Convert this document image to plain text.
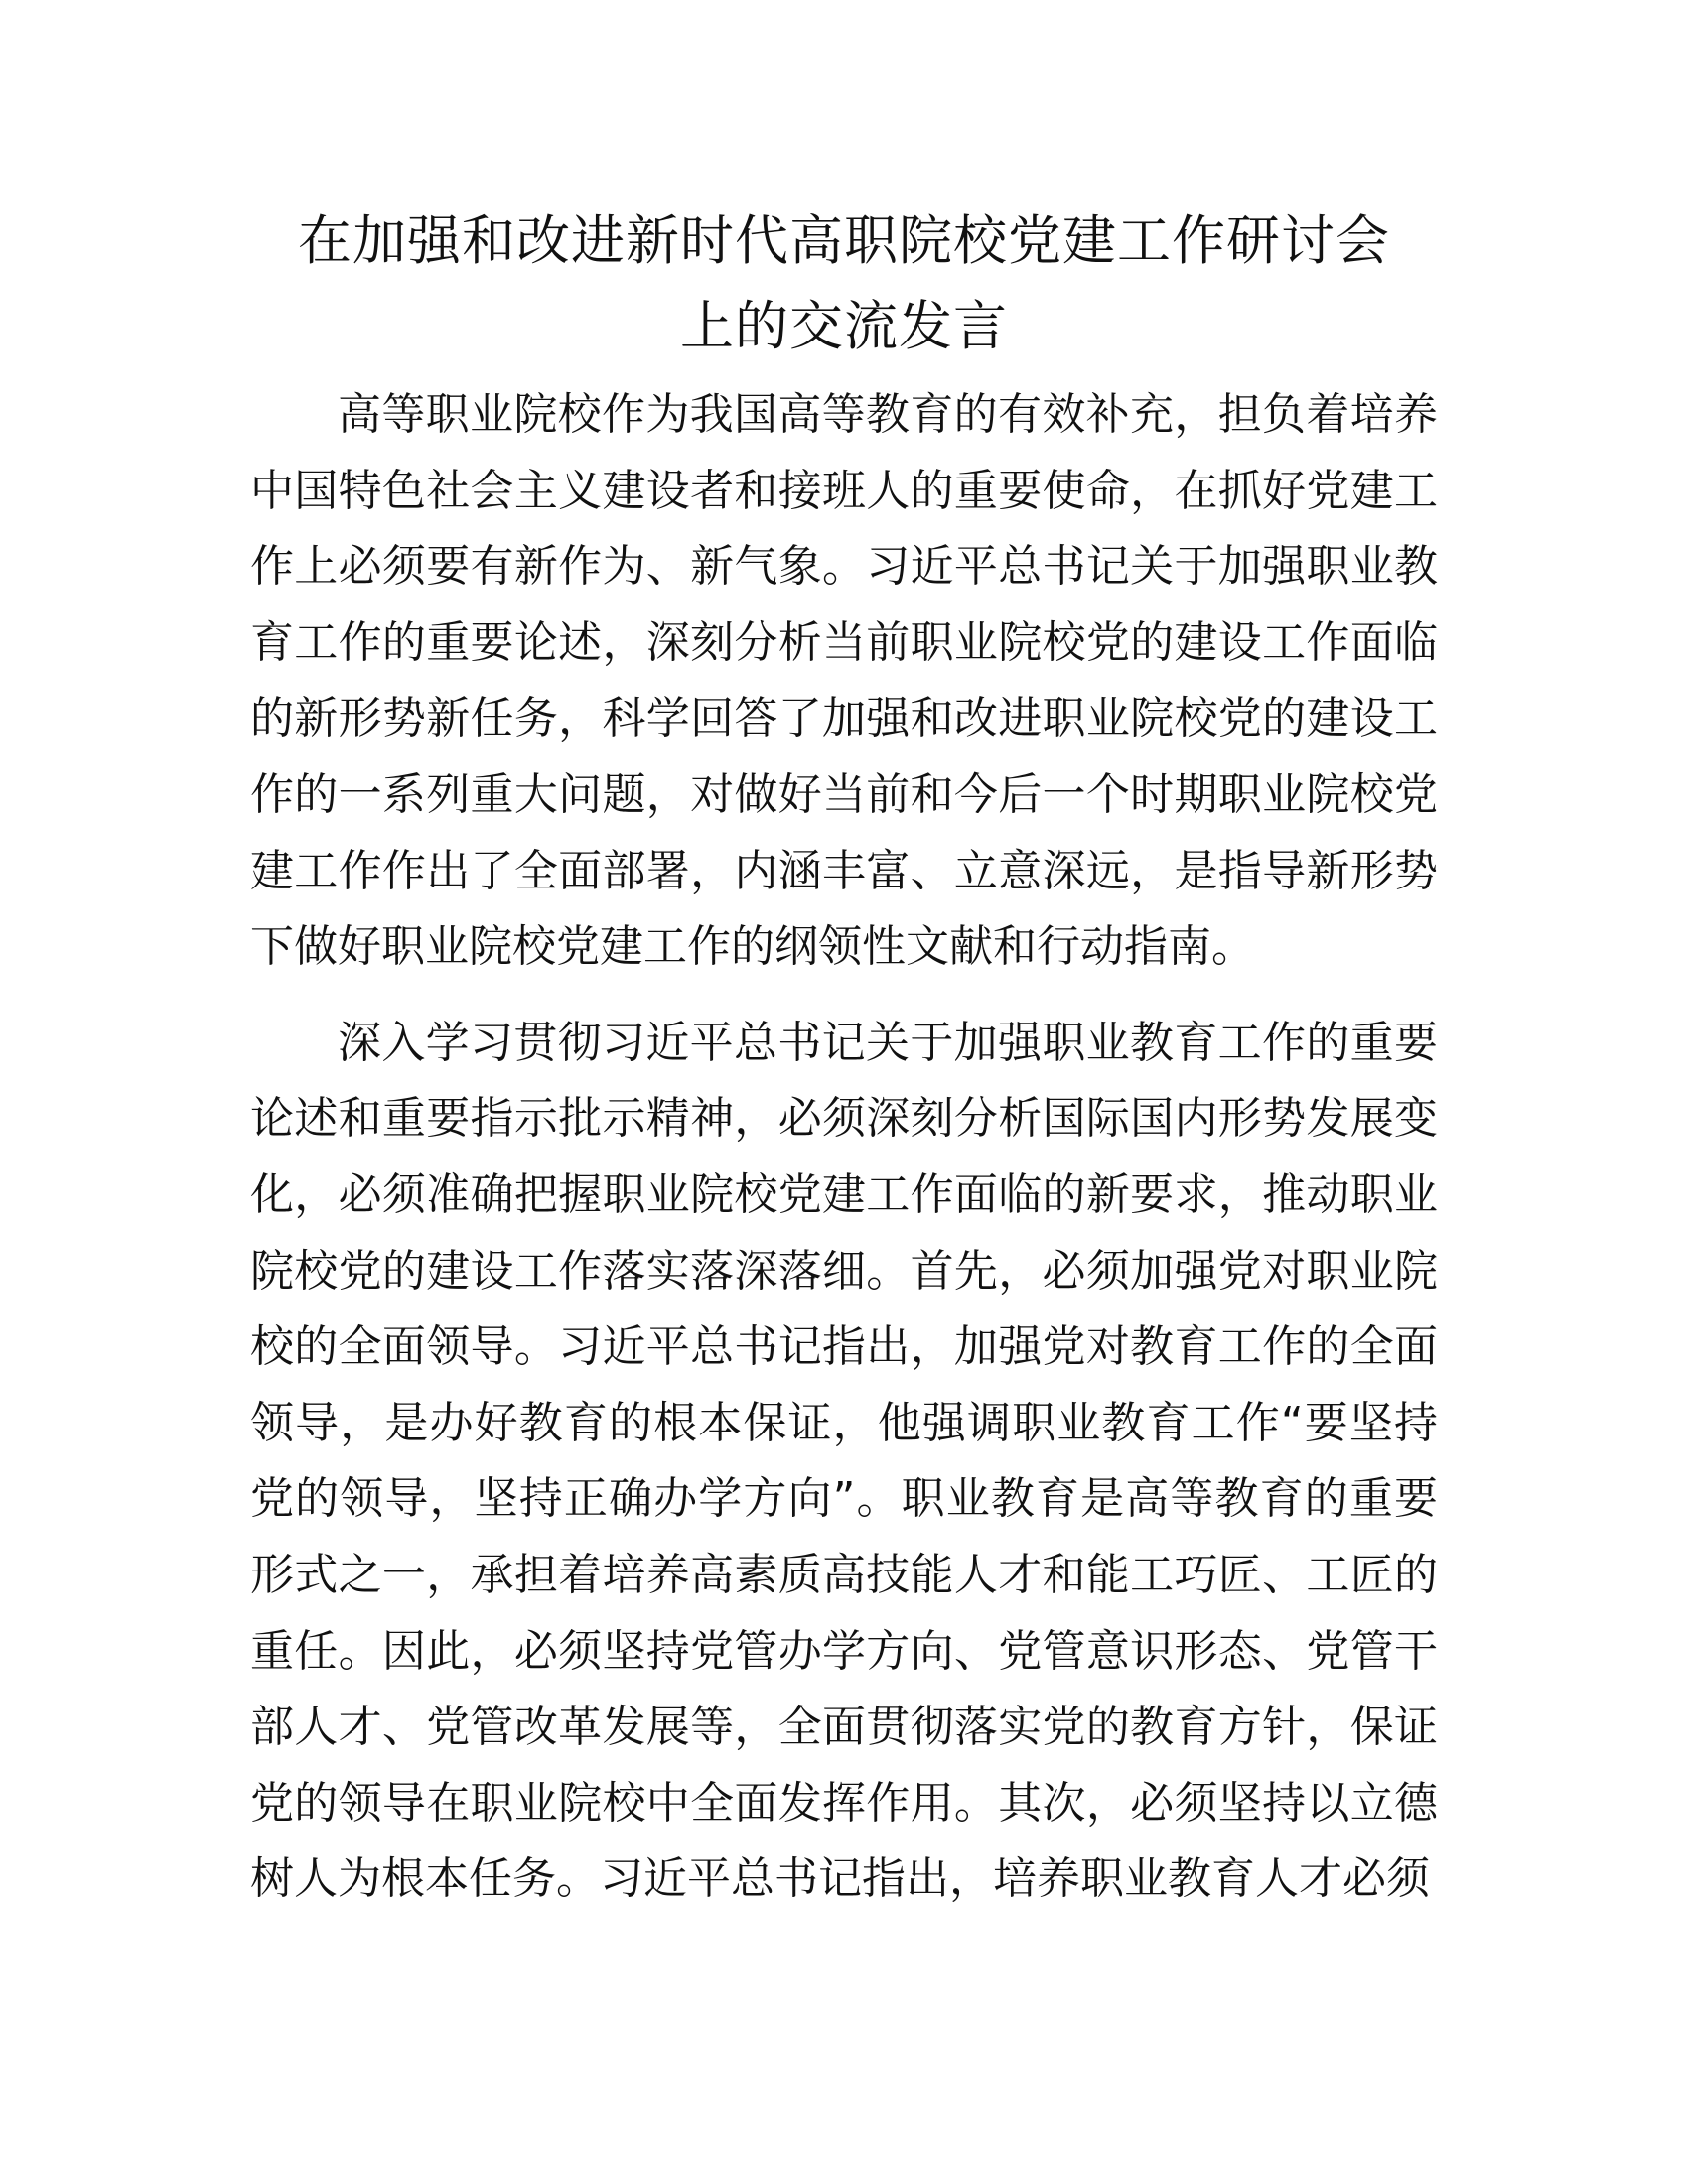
在加强和改进新时代高职院校党建工作研讨会
上的交流发言

高等职业院校作为我国高等教育的有效补充，担负着培养中国特色社会主义建设者和接班人的重要使命，在抓好党建工作上必须要有新作为、新气象。习近平总书记关于加强职业教育工作的重要论述，深刻分析当前职业院校党的建设工作面临的新形势新任务，科学回答了加强和改进职业院校党的建设工作的一系列重大问题，对做好当前和今后一个时期职业院校党建工作作出了全面部署，内涵丰富、立意深远，是指导新形势下做好职业院校党建工作的纲领性文献和行动指南。

深入学习贯彻习近平总书记关于加强职业教育工作的重要论述和重要指示批示精神，必须深刻分析国际国内形势发展变化，必须准确把握职业院校党建工作面临的新要求，推动职业院校党的建设工作落实落深落细。首先，必须加强党对职业院校的全面领导。习近平总书记指出，加强党对教育工作的全面领导，是办好教育的根本保证，他强调职业教育工作“要坚持党的领导，坚持正确办学方向”。职业教育是高等教育的重要形式之一，承担着培养高素质高技能人才和能工巧匠、工匠的重任。因此，必须坚持党管办学方向、党管意识形态、党管干部人才、党管改革发展等，全面贯彻落实党的教育方针，保证党的领导在职业院校中全面发挥作用。其次，必须坚持以立德树人为根本任务。习近平总书记指出，培养职业教育人才必须
